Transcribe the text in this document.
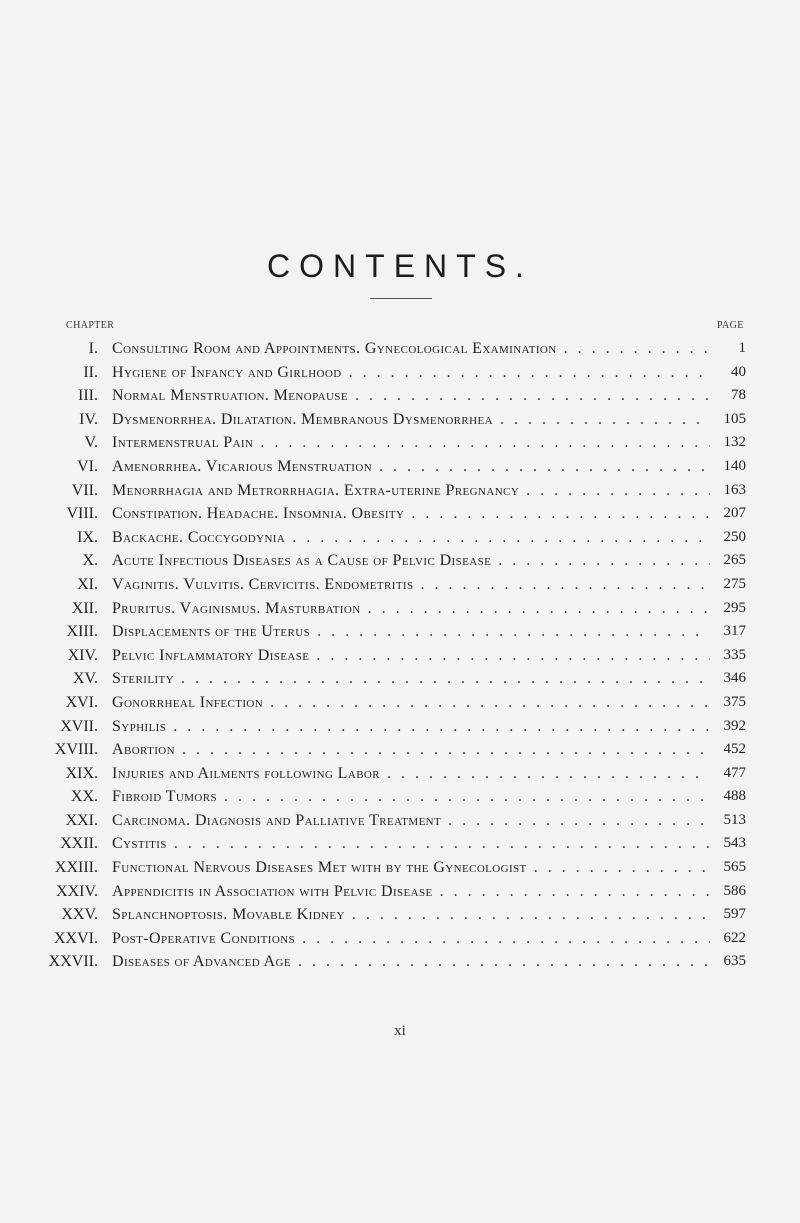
CONTENTS.
CHAPTER	PAGE
I. Consulting Room and Appointments. Gynecological Examination . . .	1
II. Hygiene of Infancy and Girlhood . . .	40
III. Normal Menstruation. Menopause . . .	78
IV. Dysmenorrhea. Dilatation. Membranous Dysmenorrhea . . .	105
V. Intermenstrual Pain . . .	132
VI. Amenorrhea. Vicarious Menstruation . . .	140
VII. Menorrhagia and Metrorrhagia. Extra-uterine Pregnancy . . .	163
VIII. Constipation. Headache. Insomnia. Obesity . . .	207
IX. Backache. Coccygodynia . . .	250
X. Acute Infectious Diseases as a Cause of Pelvic Disease . . .	265
XI. Vaginitis. Vulvitis. Cervicitis. Endometritis . . .	275
XII. Pruritus. Vaginismus. Masturbation . . .	295
XIII. Displacements of the Uterus . . .	317
XIV. Pelvic Inflammatory Disease . . .	335
XV. Sterility . . .	346
XVI. Gonorrheal Infection . . .	375
XVII. Syphilis . . .	392
XVIII. Abortion . . .	452
XIX. Injuries and Ailments following Labor . . .	477
XX. Fibroid Tumors . . .	488
XXI. Carcinoma. Diagnosis and Palliative Treatment . . .	513
XXII. Cystitis . . .	543
XXIII. Functional Nervous Diseases Met with by the Gynecologist . . .	565
XXIV. Appendicitis in Association with Pelvic Disease . . .	586
XXV. Splanchnoptosis. Movable Kidney . . .	597
XXVI. Post-Operative Conditions . . .	622
XXVII. Diseases of Advanced Age . . .	635
xi
